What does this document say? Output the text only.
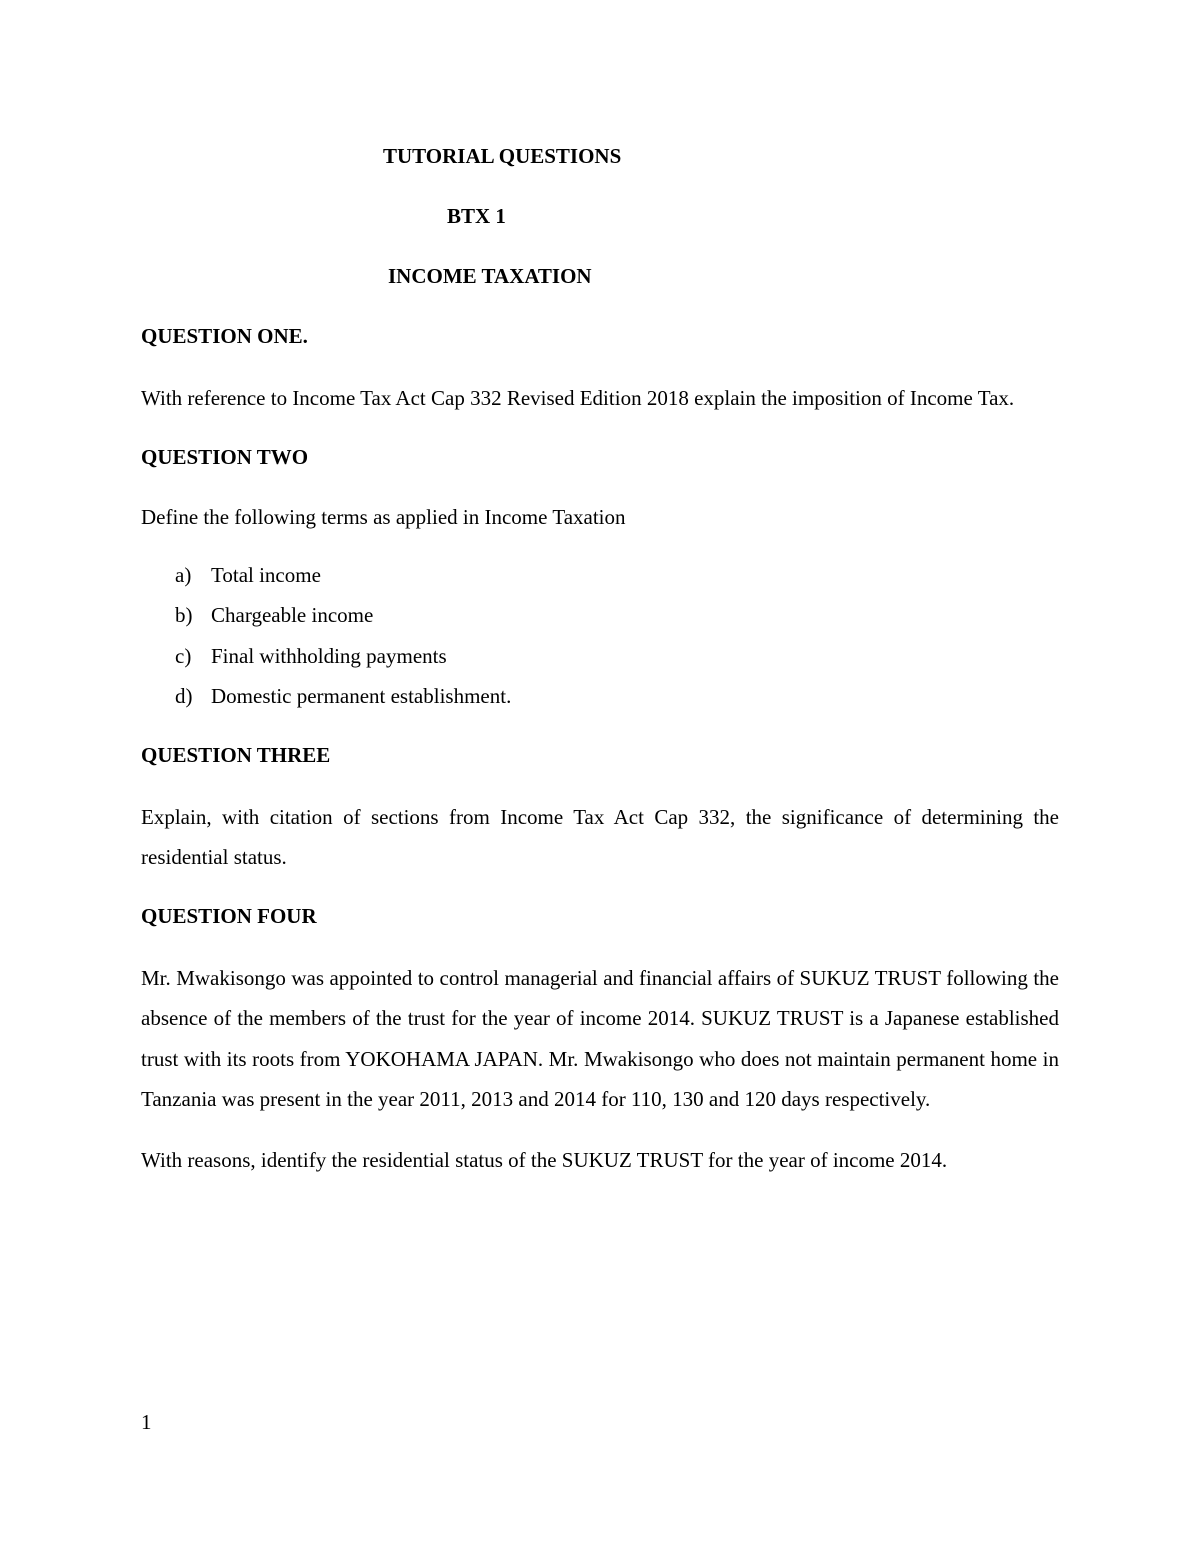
TUTORIAL QUESTIONS
BTX 1
INCOME TAXATION
QUESTION ONE.

With reference to Income Tax Act Cap 332 Revised Edition 2018 explain the imposition of Income Tax.

QUESTION TWO

Define the following terms as applied in Income Taxation

a) Total income
b) Chargeable income
c) Final withholding payments
d) Domestic permanent establishment.
QUESTION THREE

Explain, with citation of sections from Income Tax Act Cap 332, the significance of determining the residential status.

QUESTION FOUR

Mr. Mwakisongo was appointed to control managerial and financial affairs of SUKUZ TRUST following the absence of the members of the trust for the year of income 2014. SUKUZ TRUST is a Japanese established trust with its roots from YOKOHAMA JAPAN. Mr. Mwakisongo who does not maintain permanent home in Tanzania was present in the year 2011, 2013 and 2014 for 110, 130 and 120 days respectively.

With reasons, identify the residential status of the SUKUZ TRUST for the year of income 2014.

1
